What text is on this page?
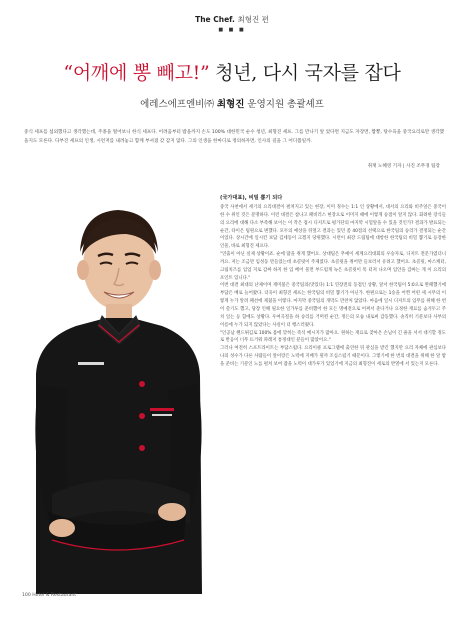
The Chef. 최형진 편
■ ■ ■
“어깨에 뽕 빼고!” 청년, 다시 국자를 잡다
에레스에프엔비㈜ 최형진 운영지원 총괄셰프
중식 셰프를 섭외했다고 생각했는데, 주종을 떨어보니 한식 셰프다. 어려움부터 밥을까지 손도 100% 대한민국 순수 청년, 최형진 셰프. 그를 만나기 앞 었다면 지금도 자장면, 짬뽕, 탕수육을 중국요리로만 생각했을지도 모른다. 다부진 셰프의 인생, 시련저를 내려놓고 함께 부셔졌 갖 감지 않다. 그의 인생을 한마디로 정의하자면, 인사의 길을 그 어디쯤일까.
취재 노혜영 기자 | 사진 조무경 팀장
(국가대표), 비밀 뽑기 되다

중국 사천에서 세기의 요리대결이 펼쳐지고 있는 현장, 이미 정수는 1:1 인 상황에서, 대서의 요리와 비주얼은 중국이 한 수 위인 것은 분명하다. 이런 대결은 참나고 패비러스 현장으로 이미지 때에 이렇게 승점이 알지 않다. 화려한 장식들의 요리에 대해 다소 부족해 보이는 이 작은 접시 디저트로 평가단의 마지막 시험앞을 수 있을 것인가? 결과가 발표되는 순간, 타이은 팀원으로 변했다. 모두의 예상을 뒤엎고 결과는 있던 좀 40점의 선택으로 한국팀의 승리가 결정되는 순간이었다. 상시간에 일시킨 보답 김세동이 크겠지 당위했다. 시련이 최강 드림팀에 대항한 한국팀의 비밀 뽑기로 등장한 인물, 바로 최형진 셰프다.

"연출이 아닌 실제 상황이죠. 순에 땀을 쥐게 했어요. 상대팀은 무예이 세계요리대회의 우승자로, 디저트 전문가였더니까요. 저는 조금만 임성동 만들었는데 초콜릿이 주제였다. 초콜릿을 쥐어만 들보러서 유려고 했어요. 초콜릿, 마스케터, 크림치즈를 입업 지로 감싸 하지 한 입 베어 물면 부드럽게 녹은 초콜릿이 톡 터져 나오며 입안을 감싸는 게 이 요리의 포인트 있니다."

이번 대결 최대의 난제이며 재미불은 중국팀의(맛있다) 1:1 연장전의 동점인 상황, 앞서 한국팀이 5:0으로 완패했기에 부담은 배로 늘어왔다. 더욱이 최형진 셰프는 한국팀의 비밀 뽑기가 아닌가. 한편으로는 1승을 어쩐 어떤 셰 시무의 이렇게 누가 알려 패션에 제쳤을 이렇다. 마지막 중국팀의 개막도 만찬처 않았다. 마음에 일시 디저트의 임무를 위해 한 번이 쓸기도 했고, 당장 인해 필요한 일가투를 준비했어 한 모든 명예전으로 어쩌서 준다거나 요정한 재료를 숨겨두고 주치 일는 등 함에도 상황다. 우여곡절을 하 승리를 거머쥔 순간, 정든의 모습 내로써 감동했다. 솔직히 기분보다 사부의 이름에 누가 되지 않았다는 사실이 더 행스러웠다.

"인공남 핸드튀김로 100% 몸에 맞히는 즉석 메시지가 많아요. 원하는 재료로 찾아온 손님이 긴 줄을 서서 대기할 정도로 반응이 너무 뜨거워 파레저 통정대인 분들이 많았어요."

그러나 여전히 스포트라이트는 부담스럽다. 요리이클 프로그램에 출연한 뒤 관심을 받긴 했지만 요리 자체에 관심보다 나의 성수가 다른 사람들이 앞이랑은 노력에 지배가 될까 조심스럽기 때문이다. 그렇기에 한 번의 대결을 위해 한 달 밤을 준비는 기분인 노를 펼쳐 보여 잡을 노력이 대가루가 있었기에 지금의 최형진이 세로의 반열에 서 있는지 모른다.

100 Hotel & Restaurant
